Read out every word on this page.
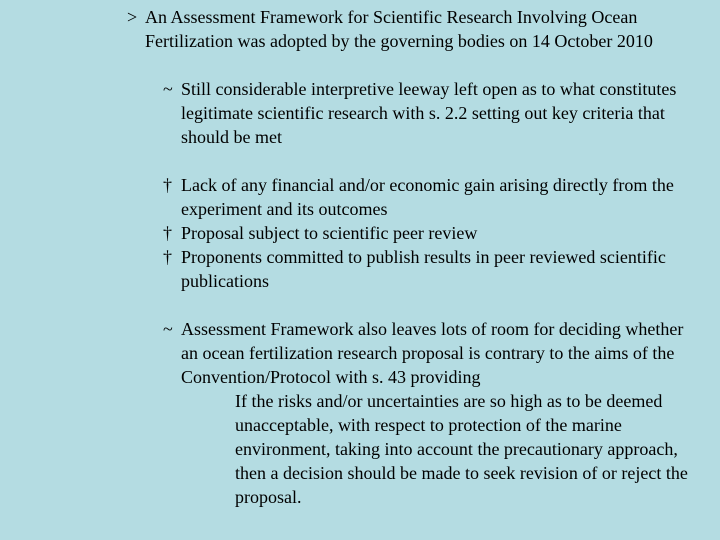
> An Assessment Framework for Scientific Research Involving Ocean Fertilization was adopted by the governing bodies on 14 October 2010
~ Still considerable interpretive leeway left open as to what constitutes legitimate scientific research with s. 2.2 setting out key criteria that should be met
† Lack of any financial and/or economic gain arising directly from the experiment and its outcomes
† Proposal subject to scientific peer review
† Proponents committed to publish results in peer reviewed scientific publications
~ Assessment Framework also leaves lots of room for deciding whether an ocean fertilization research proposal is contrary to the aims of the Convention/Protocol with s. 43 providing
If the risks and/or uncertainties are so high as to be deemed unacceptable, with respect to protection of the marine environment, taking into account the precautionary approach, then a decision should be made to seek revision of or reject the proposal.
